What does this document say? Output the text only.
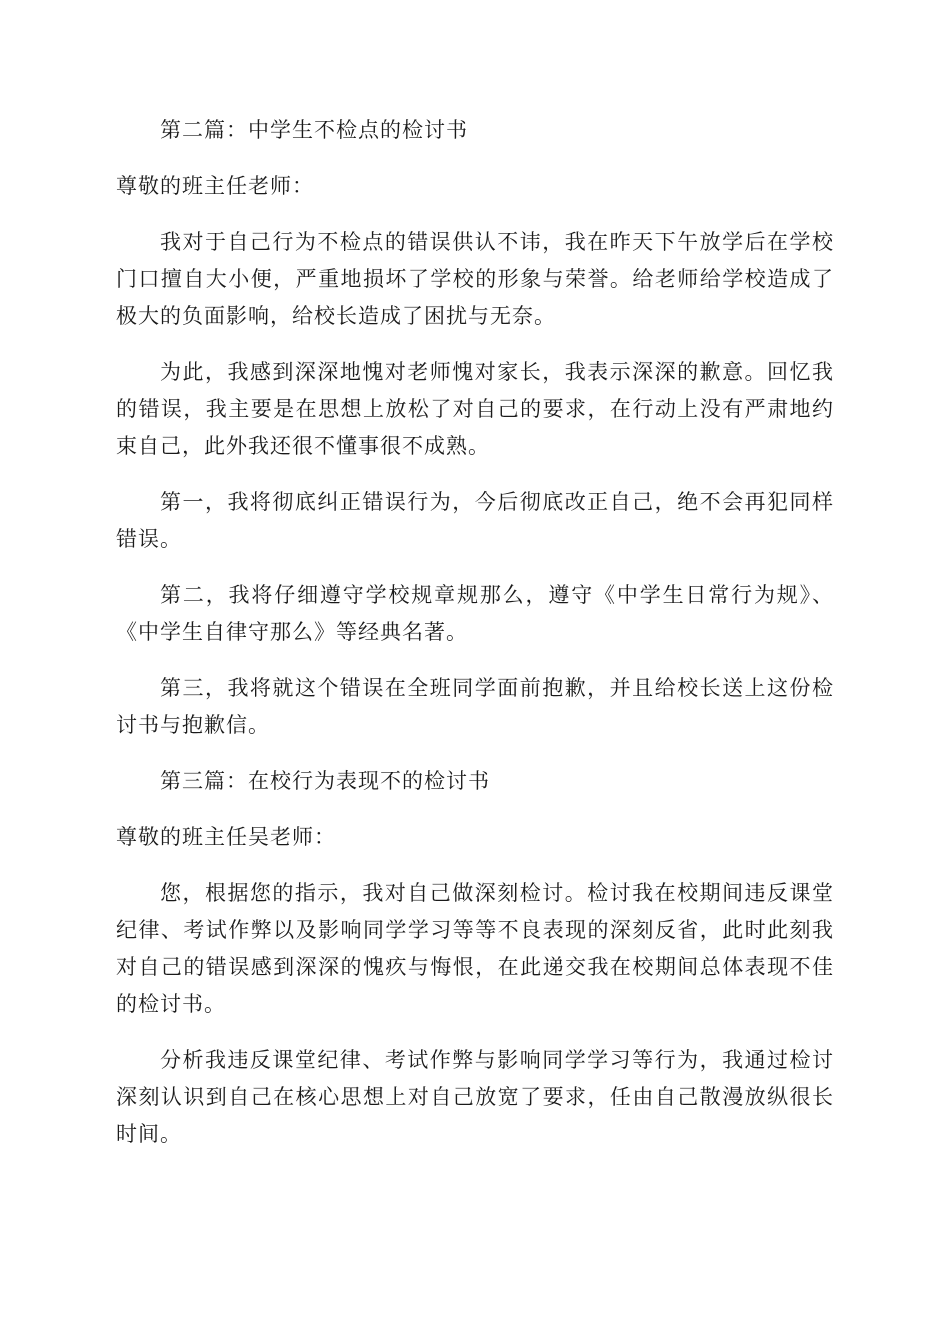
第二篇：中学生不检点的检讨书

尊敬的班主任老师：

我对于自己行为不检点的错误供认不讳，我在昨天下午放学后在学校门口擅自大小便，严重地损坏了学校的形象与荣誉。给老师给学校造成了极大的负面影响，给校长造成了困扰与无奈。

为此，我感到深深地愧对老师愧对家长，我表示深深的歉意。回忆我的错误，我主要是在思想上放松了对自己的要求，在行动上没有严肃地约束自己，此外我还很不懂事很不成熟。

第一，我将彻底纠正错误行为，今后彻底改正自己，绝不会再犯同样错误。

第二，我将仔细遵守学校规章规那么，遵守《中学生日常行为规》、《中学生自律守那么》等经典名著。

第三，我将就这个错误在全班同学面前抱歉，并且给校长送上这份检讨书与抱歉信。

第三篇：在校行为表现不的检讨书

尊敬的班主任吴老师：

您，根据您的指示，我对自己做深刻检讨。检讨我在校期间违反课堂纪律、考试作弊以及影响同学学习等等不良表现的深刻反省，此时此刻我对自己的错误感到深深的愧疚与悔恨，在此递交我在校期间总体表现不佳的检讨书。

分析我违反课堂纪律、考试作弊与影响同学学习等行为，我通过检讨深刻认识到自己在核心思想上对自己放宽了要求，任由自己散漫放纵很长时间。
